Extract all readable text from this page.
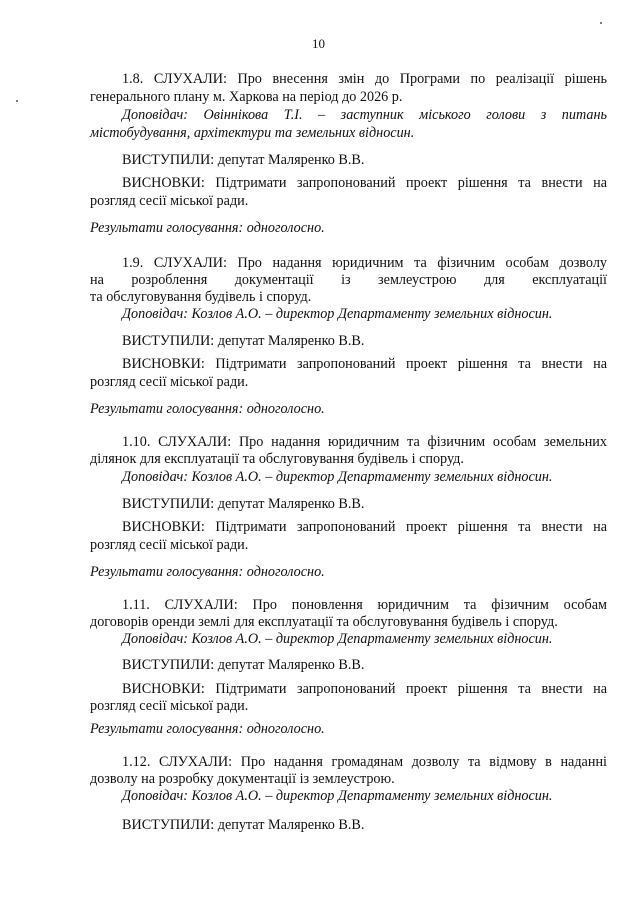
10
1.8. СЛУХАЛИ: Про внесення змін до Програми по реалізації рішень
генерального плану м. Харкова на період до 2026 р.
Доповідач: Овіннікова Т.І. – заступник міського голови з питань
містобудування, архітектури та земельних відносин.
ВИСТУПИЛИ: депутат Маляренко В.В.
ВИСНОВКИ: Підтримати запропонований проект рішення та внести на
розгляд сесії міської ради.
Результати голосування: одноголосно.
1.9. СЛУХАЛИ: Про надання юридичним та фізичним особам дозволу
на розроблення документації із землеустрою для експлуатації
та обслуговування будівель і споруд.
Доповідач: Козлов А.О. – директор Департаменту земельних відносин.
ВИСТУПИЛИ: депутат Маляренко В.В.
ВИСНОВКИ: Підтримати запропонований проект рішення та внести на
розгляд сесії міської ради.
Результати голосування: одноголосно.
1.10. СЛУХАЛИ: Про надання юридичним та фізичним особам земельних
ділянок для експлуатації та обслуговування будівель і споруд.
Доповідач: Козлов А.О. – директор Департаменту земельних відносин.
ВИСТУПИЛИ: депутат Маляренко В.В.
ВИСНОВКИ: Підтримати запропонований проект рішення та внести на
розгляд сесії міської ради.
Результати голосування: одноголосно.
1.11. СЛУХАЛИ: Про поновлення юридичним та фізичним особам
договорів оренди землі для експлуатації та обслуговування будівель і споруд.
Доповідач: Козлов А.О. – директор Департаменту земельних відносин.
ВИСТУПИЛИ: депутат Маляренко В.В.
ВИСНОВКИ: Підтримати запропонований проект рішення та внести на
розгляд сесії міської ради.
Результати голосування: одноголосно.
1.12. СЛУХАЛИ: Про надання громадянам дозволу та відмову в наданні
дозволу на розробку документації із землеустрою.
Доповідач: Козлов А.О. – директор Департаменту земельних відносин.
ВИСТУПИЛИ: депутат Маляренко В.В.
